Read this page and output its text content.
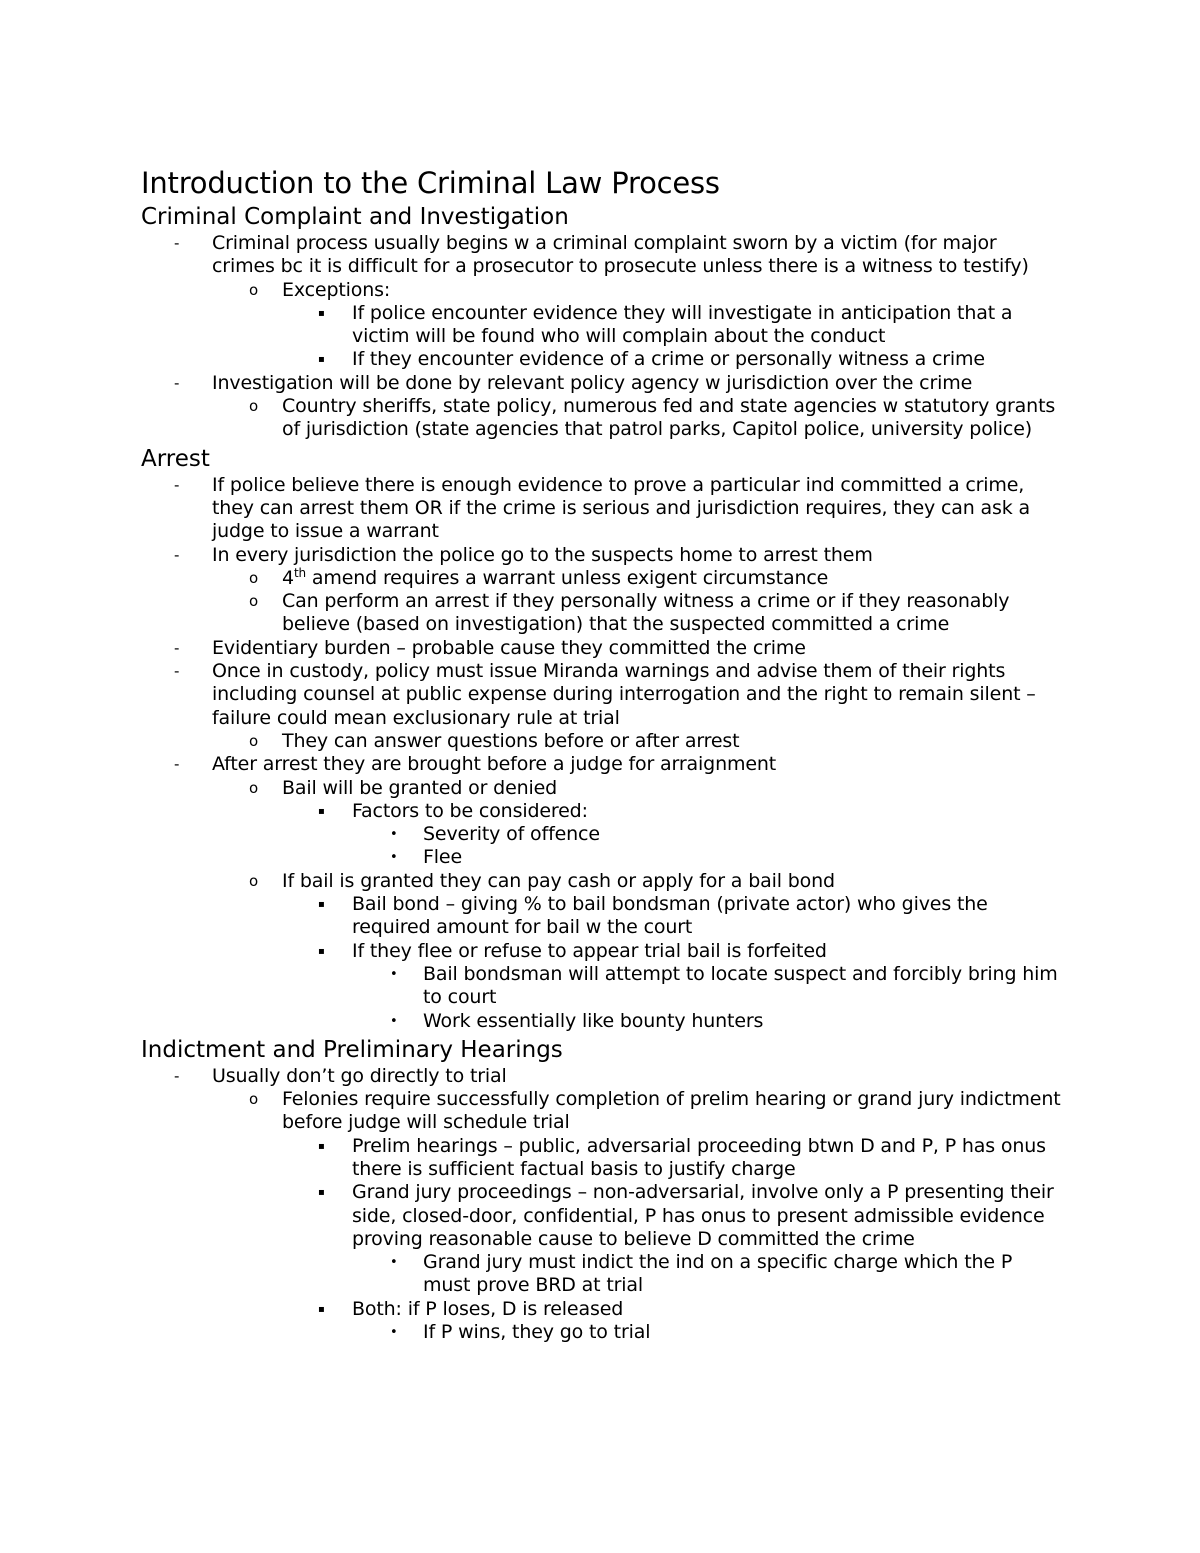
Introduction to the Criminal Law Process
Criminal Complaint and Investigation
- Criminal process usually begins w a criminal complaint sworn by a victim (for major crimes bc it is difficult for a prosecutor to prosecute unless there is a witness to testify)
o Exceptions:
▪ If police encounter evidence they will investigate in anticipation that a victim will be found who will complain about the conduct
▪ If they encounter evidence of a crime or personally witness a crime
- Investigation will be done by relevant policy agency w jurisdiction over the crime
o Country sheriffs, state policy, numerous fed and state agencies w statutory grants of jurisdiction (state agencies that patrol parks, Capitol police, university police)
Arrest
- If police believe there is enough evidence to prove a particular ind committed a crime, they can arrest them OR if the crime is serious and jurisdiction requires, they can ask a judge to issue a warrant
- In every jurisdiction the police go to the suspects home to arrest them
o 4th amend requires a warrant unless exigent circumstance
o Can perform an arrest if they personally witness a crime or if they reasonably believe (based on investigation) that the suspected committed a crime
- Evidentiary burden – probable cause they committed the crime
- Once in custody, policy must issue Miranda warnings and advise them of their rights including counsel at public expense during interrogation and the right to remain silent – failure could mean exclusionary rule at trial
o They can answer questions before or after arrest
- After arrest they are brought before a judge for arraignment
o Bail will be granted or denied
▪ Factors to be considered:
• Severity of offence
• Flee
o If bail is granted they can pay cash or apply for a bail bond
▪ Bail bond – giving % to bail bondsman (private actor) who gives the required amount for bail w the court
▪ If they flee or refuse to appear trial bail is forfeited
• Bail bondsman will attempt to locate suspect and forcibly bring him to court
• Work essentially like bounty hunters
Indictment and Preliminary Hearings
- Usually don’t go directly to trial
o Felonies require successfully completion of prelim hearing or grand jury indictment before judge will schedule trial
▪ Prelim hearings – public, adversarial proceeding btwn D and P, P has onus there is sufficient factual basis to justify charge
▪ Grand jury proceedings – non-adversarial, involve only a P presenting their side, closed-door, confidential, P has onus to present admissible evidence proving reasonable cause to believe D committed the crime
• Grand jury must indict the ind on a specific charge which the P must prove BRD at trial
▪ Both: if P loses, D is released
• If P wins, they go to trial
